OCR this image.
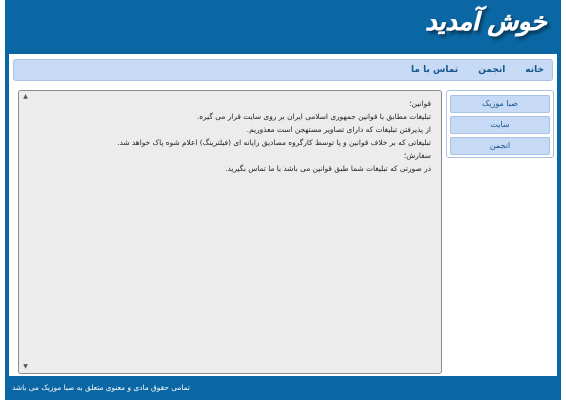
خوش آمدید
خانه
انجمن
تماس با ما
▲
▼

قوانین؛

تبلیغات مطابق با قوانین جمهوری اسلامی ایران بر روی سایت قرار می گیره.

از پذیرفتن تبلیغات که دارای تصاویر مستهجن است معذوریم.

تبلیغاتی که بر خلاف قوانین و یا توسط کارگروه مصادیق رایانه ای (فیلترینگ) اعلام شوه پاک خواهد شد.

سفارش؛

در صورتی که تبلیغات شما طبق قوانین می باشد با ما تماس بگیرید.

صبا موزیک
سایت
انجمن
تمامی حقوق مادی و معنوی متعلق به صبا موزیک می باشد
